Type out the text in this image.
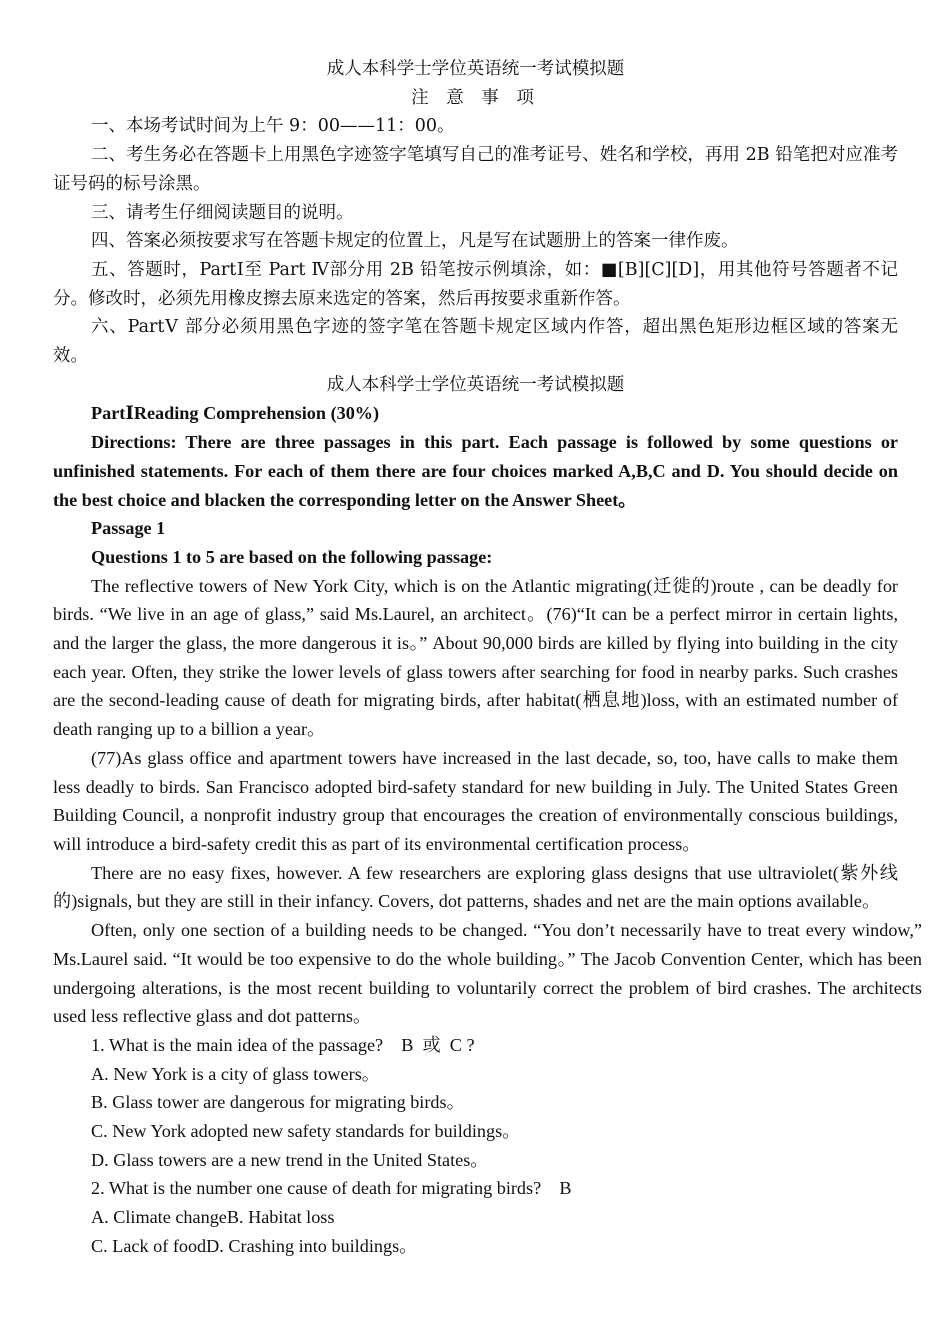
成人本科学士学位英语统一考试模拟题

注 意 事 项

一、本场考试时间为上午 9：00——11：00。

二、考生务必在答题卡上用黑色字迹签字笔填写自己的准考证号、姓名和学校，再用 2B 铅笔把对应准考证号码的标号涂黑。

三、请考生仔细阅读题目的说明。

四、答案必须按要求写在答题卡规定的位置上，凡是写在试题册上的答案一律作废。

五、答题时，PartⅠ至 Part Ⅳ部分用 2B 铅笔按示例填涂，如：■[B][C][D]，用其他符号答题者不记分。修改时，必须先用橡皮擦去原来选定的答案，然后再按要求重新作答。

六、PartⅤ 部分必须用黑色字迹的签字笔在答题卡规定区域内作答，超出黑色矩形边框区域的答案无效。

成人本科学士学位英语统一考试模拟题

PartⅠReading Comprehension (30%)

Directions: There are three passages in this part. Each passage is followed by some questions or unfinished statements. For each of them there are four choices marked A,B,C and D. You should decide on the best choice and blacken the corresponding letter on the Answer Sheet。

Passage 1

Questions 1 to 5 are based on the following passage:

The reflective towers of New York City, which is on the Atlantic migrating(迁徙的)route , can be deadly for birds. “We live in an age of glass,” said Ms.Laurel, an architect。(76)“It can be a perfect mirror in certain lights, and the larger the glass, the more dangerous it is。” About 90,000 birds are killed by flying into building in the city each year. Often, they strike the lower levels of glass towers after searching for food in nearby parks. Such crashes are the second-leading cause of death for migrating birds, after habitat(栖息地)loss, with an estimated number of death ranging up to a billion a year。

(77)As glass office and apartment towers have increased in the last decade, so, too, have calls to make them less deadly to birds. San Francisco adopted bird-safety standard for new building in July. The United States Green Building Council, a nonprofit industry group that encourages the creation of environmentally conscious buildings, will introduce a bird-safety credit this as part of its environmental certification process。

There are no easy fixes, however. A few researchers are exploring glass designs that use ultraviolet(紫外线的)signals, but they are still in their infancy. Covers, dot patterns, shades and net are the main options available。

Often, only one section of a building needs to be changed. “You don’t necessarily have to treat every window,” Ms.Laurel said. “It would be too expensive to do the whole building。” The Jacob Convention Center, which has been undergoing alterations, is the most recent building to voluntarily correct the problem of bird crashes. The architects used less reflective glass and dot patterns。

1. What is the main idea of the passage?    B  或  C ?

A. New York is a city of glass towers。

B. Glass tower are dangerous for migrating birds。

C. New York adopted new safety standards for buildings。

D. Glass towers are a new trend in the United States。

2. What is the number one cause of death for migrating birds?    B

A. Climate changeB. Habitat loss

C. Lack of foodD. Crashing into buildings。
